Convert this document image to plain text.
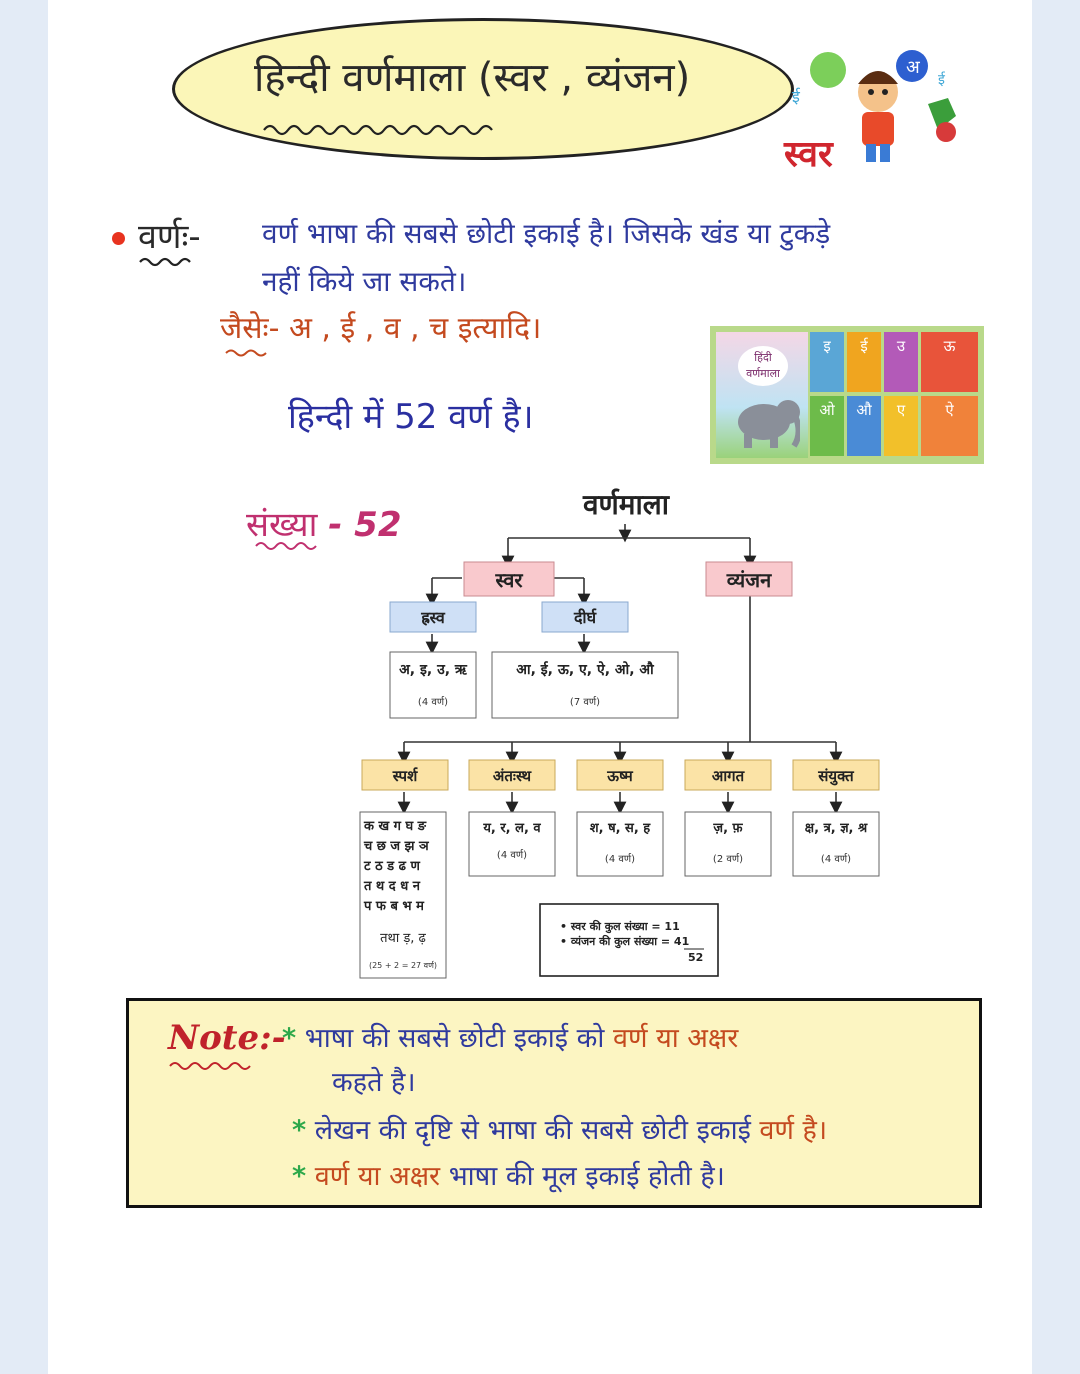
हिन्दी वर्णमाला (स्वर , व्यंजन)	अ
ई
ई
स्वर
वर्णः- वर्ण भाषा की सबसे छोटी इकाई है। जिसके खंड या टुकड़े
नहीं किये जा सकते।
जैसेः- अ , ई , व , च इत्यादि।
हिन्दी में 52 वर्ण है।
हिंदी
वर्णमाला
इ	ई	उ	ऊ
ओ	औ	ए	ऐ
संख्या - 52
वर्णमाला
स्वर	व्यंजन
ह्रस्व	दीर्घ
अ, इ, उ, ऋ
(4 वर्ण)
आ, ई, ऊ, ए, ऐ, ओ, औ
(7 वर्ण)
स्पर्श	अंतःस्थ	ऊष्म	आगत	संयुक्त
क ख ग घ ङ
च छ ज झ ञ
ट ठ ड ढ ण
त थ द ध न
प फ ब भ म
तथा ड़, ढ़
(25 + 2 = 27 वर्ण)
य, र, ल, व
(4 वर्ण)
श, ष, स, ह
(4 वर्ण)
ज़, फ़
(2 वर्ण)
क्ष, त्र, ज्ञ, श्र
(4 वर्ण)
• स्वर की कुल संख्या = 11
• व्यंजन की कुल संख्या = 41
52
Note:-
* भाषा की सबसे छोटी इकाई को वर्ण या अक्षर
कहते है।
* लेखन की दृष्टि से भाषा की सबसे छोटी इकाई वर्ण है।
* वर्ण या अक्षर भाषा की मूल इकाई होती है।
